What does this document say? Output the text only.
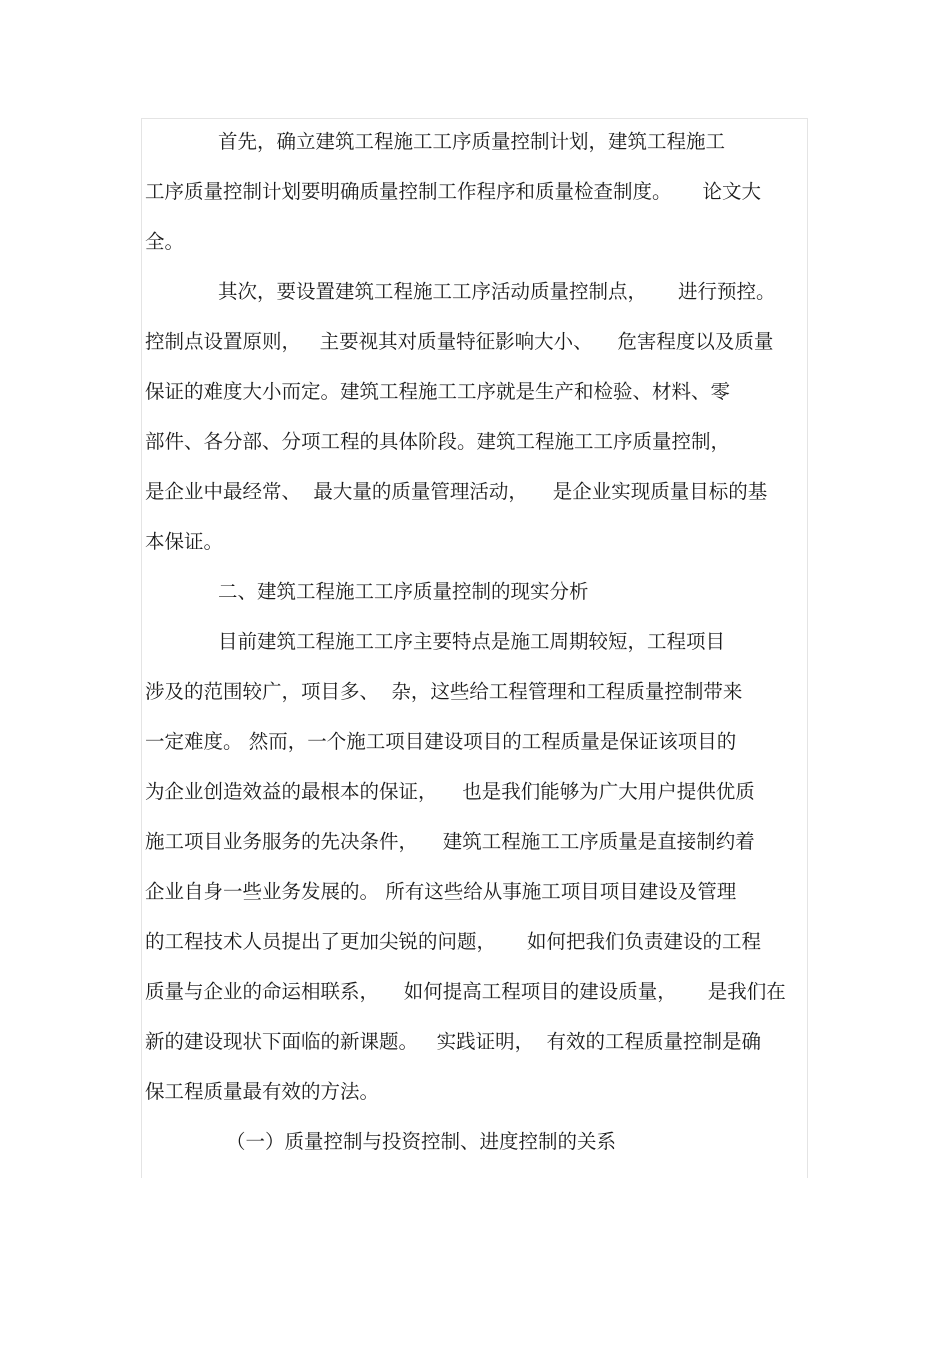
首先，确立建筑工程施工工序质量控制计划，建筑工程施工
工序质量控制计划要明确质量控制工作程序和质量检查制度。     论文大
全。
其次，要设置建筑工程施工工序活动质量控制点，     进行预控。
控制点设置原则，   主要视其对质量特征影响大小、    危害程度以及质量
保证的难度大小而定。建筑工程施工工序就是生产和检验、材料、零
部件、各分部、分项工程的具体阶段。建筑工程施工工序质量控制，
是企业中最经常、  最大量的质量管理活动，    是企业实现质量目标的基
本保证。
二、建筑工程施工工序质量控制的现实分析
目前建筑工程施工工序主要特点是施工周期较短，工程项目
涉及的范围较广，项目多、  杂，这些给工程管理和工程质量控制带来
一定难度。 然而，一个施工项目建设项目的工程质量是保证该项目的
为企业创造效益的最根本的保证，    也是我们能够为广大用户提供优质
施工项目业务服务的先决条件，    建筑工程施工工序质量是直接制约着
企业自身一些业务发展的。 所有这些给从事施工项目项目建设及管理
的工程技术人员提出了更加尖锐的问题，     如何把我们负责建设的工程
质量与企业的命运相联系，    如何提高工程项目的建设质量，     是我们在
新的建设现状下面临的新课题。   实践证明，  有效的工程质量控制是确
保工程质量最有效的方法。
（一）质量控制与投资控制、进度控制的关系
